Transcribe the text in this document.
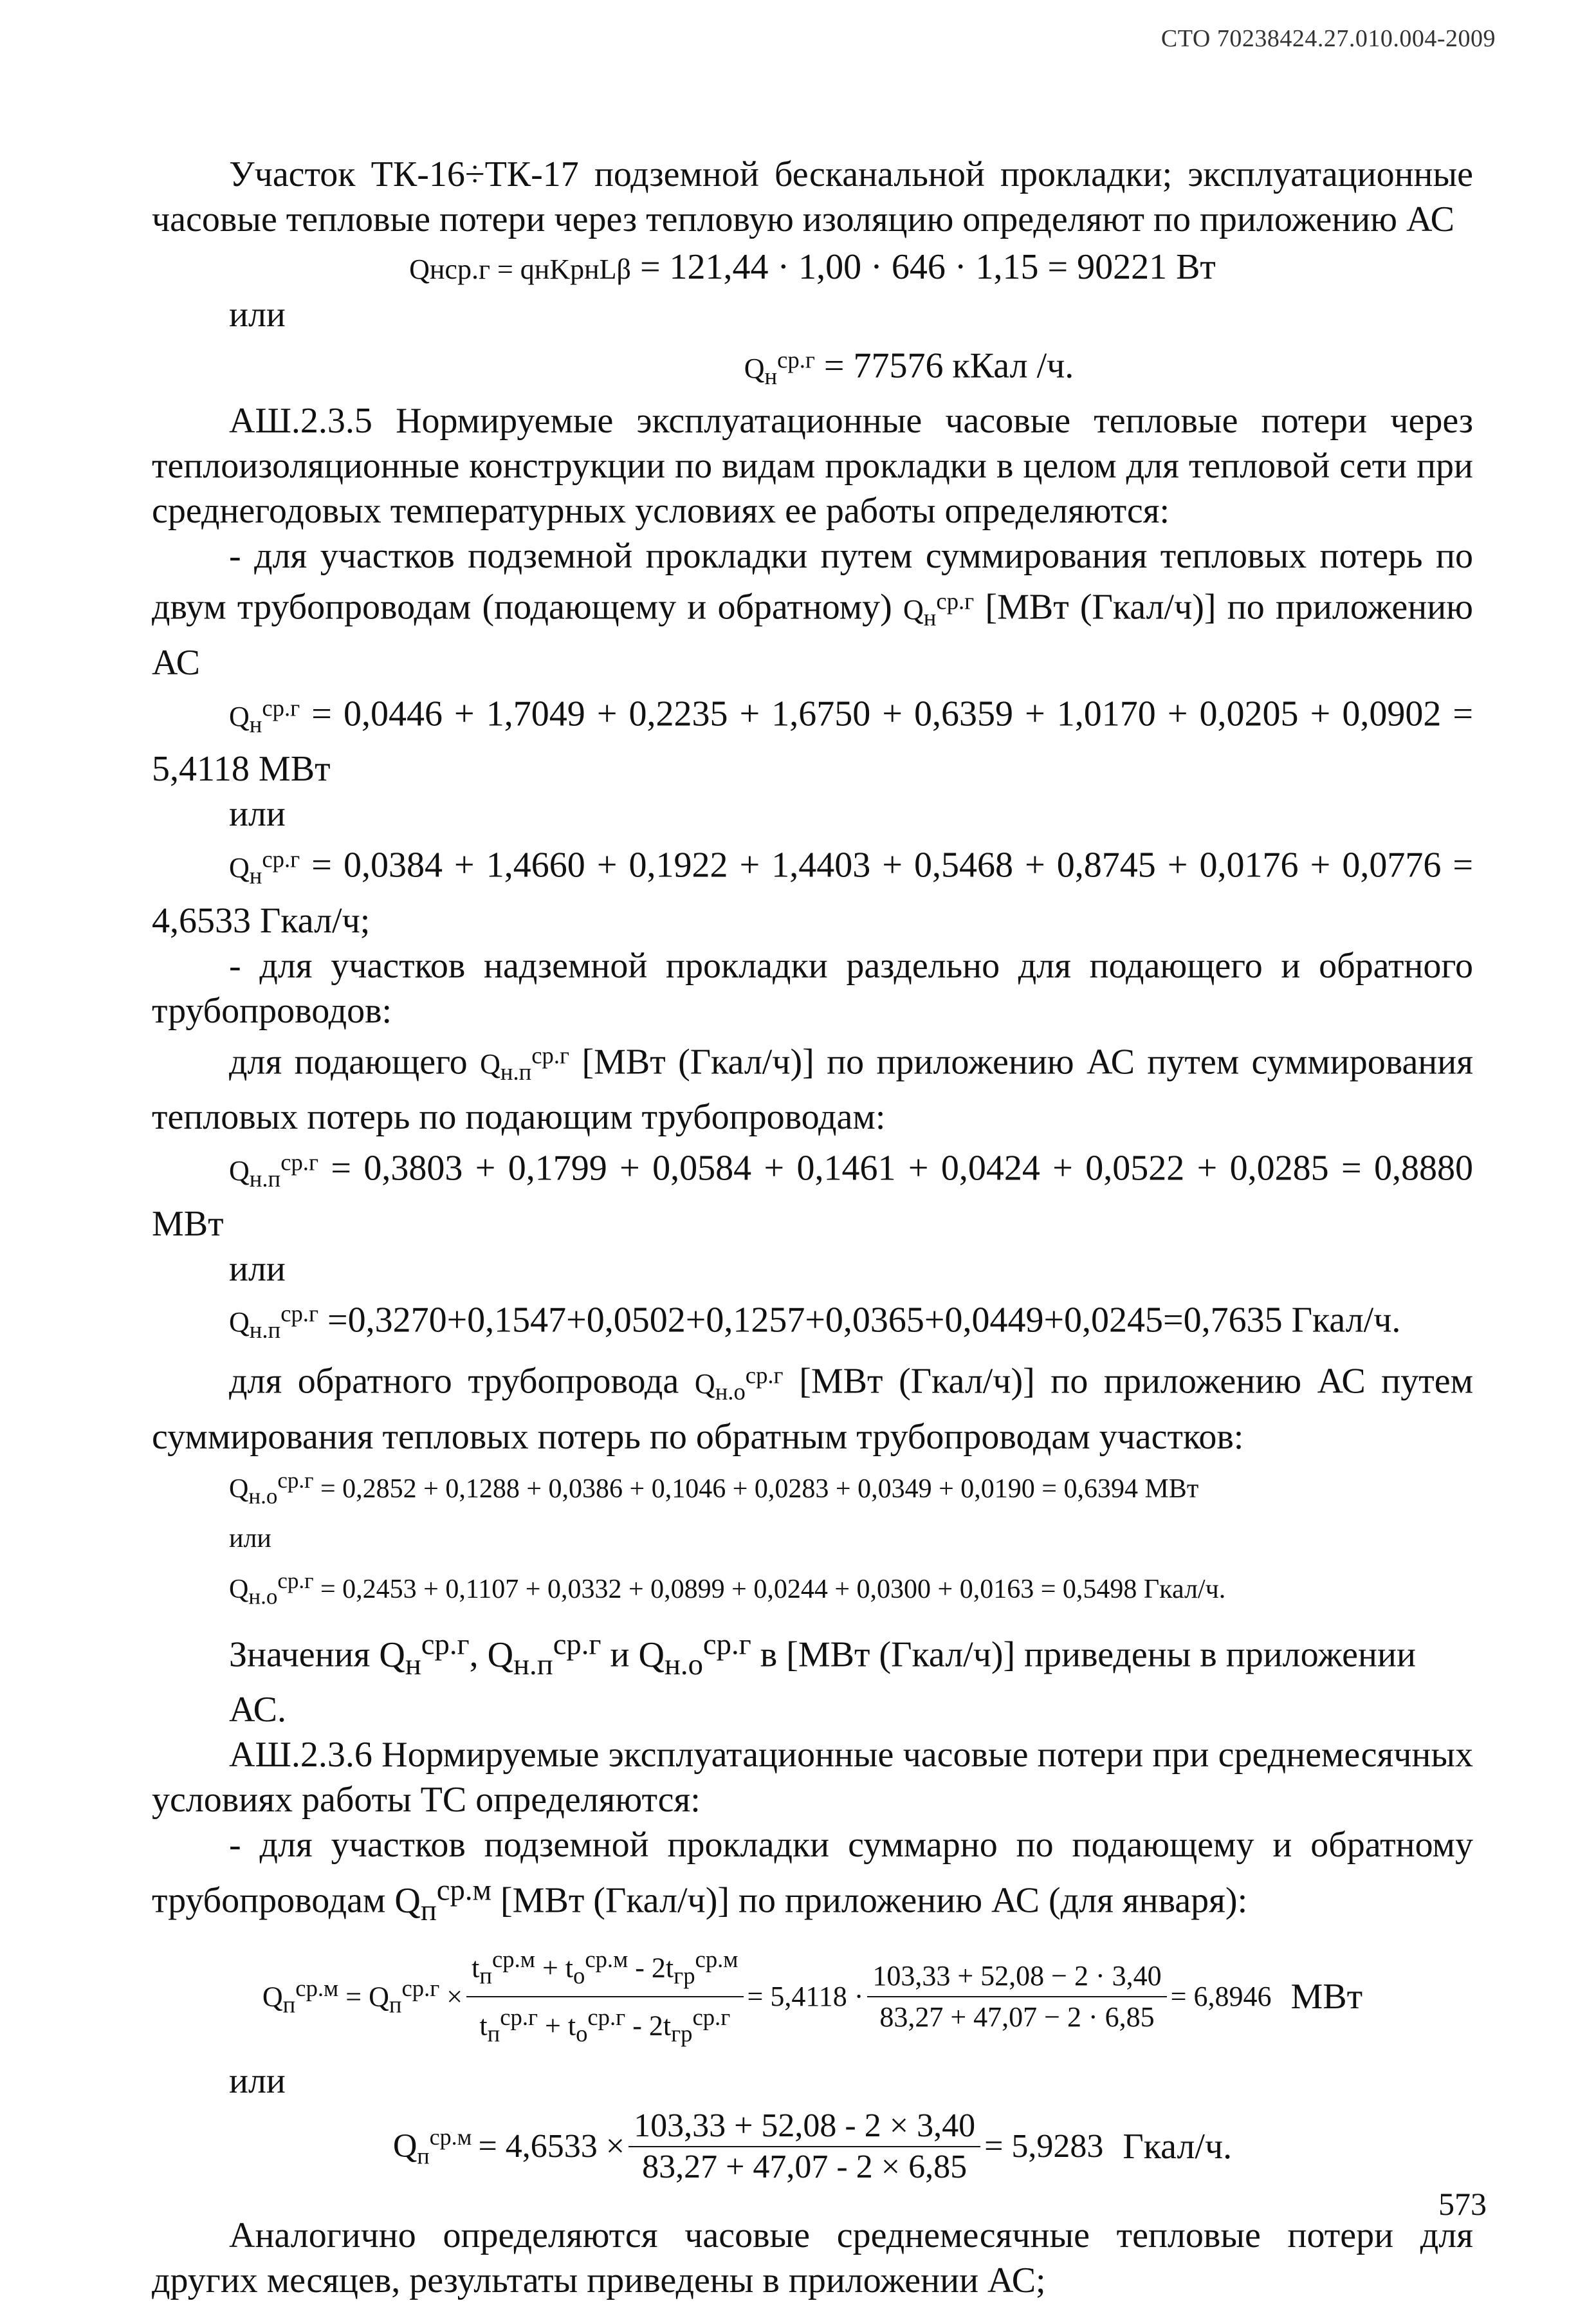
СТО 70238424.27.010.004-2009

Участок ТК-16÷ТК-17 подземной бесканальной прокладки; эксплуатационные часовые тепловые потери через тепловую изоляцию определяют по приложению АС

Qнср.г = qнKрнLβ = 121,44 · 1,00 · 646 · 1,15 = 90221 Вт

или

$Q_н^{ср.г} = 77576$ кКал /ч.

АШ.2.3.5 Нормируемые эксплуатационные часовые тепловые потери через теплоизоляционные конструкции по видам прокладки в целом для тепловой сети при среднегодовых температурных условиях ее работы определяются:

- для участков подземной прокладки путем суммирования тепловых потерь по двум трубопроводам (подающему и обратному) $Q_н^{ср.г}$ [МВт (Гкал/ч)] по приложению АС

$Q_н^{ср.г} = 0,0446 + 1,7049 + 0,2235 + 1,6750 + 0,6359 + 1,0170 + 0,0205 + 0,0902 = 5,4118$ МВт

или

$Q_н^{ср.г} = 0,0384 + 1,4660 + 0,1922 + 1,4403 + 0,5468 + 0,8745 + 0,0176 + 0,0776 = 4,6533$ Гкал/ч;

- для участков надземной прокладки раздельно для подающего и обратного трубопроводов:

для подающего $Q_{н.п}^{ср.г}$ [МВт (Гкал/ч)] по приложению АС путем суммирования тепловых потерь по подающим трубопроводам:

$Q_{н.п}^{ср.г} = 0,3803 + 0,1799 + 0,0584 + 0,1461 + 0,0424 + 0,0522 + 0,0285 = 0,8880$ МВт

или

$Q_{н.п}^{ср.г} =0,3270+0,1547+0,0502+0,1257+0,0365+0,0449+0,0245=0,7635$ Гкал/ч.

для обратного трубопровода $Q_{н.о}^{ср.г}$ [МВт (Гкал/ч)] по приложению АС путем суммирования тепловых потерь по обратным трубопроводам участков:

$Q_{н.о}^{ср.г} = 0,2852 + 0,1288 + 0,0386 + 0,1046 + 0,0283 + 0,0349 + 0,0190 = 0,6394$ МВт

или

$Q_{н.о}^{ср.г} = 0,2453 + 0,1107 + 0,0332 + 0,0899 + 0,0244 + 0,0300 + 0,0163 = 0,5498$ Гкал/ч.

Значения $Q_н^{ср.г}$, $Q_{н.п}^{ср.г}$ и $Q_{н.о}^{ср.г}$ в [МВт (Гкал/ч)] приведены в приложении АС.

АШ.2.3.6 Нормируемые эксплуатационные часовые потери при среднемесячных условиях работы ТС определяются:

- для участков подземной прокладки суммарно по подающему и обратному трубопроводам $Q_п^{ср.м}$ [МВт (Гкал/ч)] по приложению АС (для января):

$Q_п^{ср.м} = Q_п^{ср.г} \times \frac{t_п^{ср.м} + t_о^{ср.м} - 2t_{гр}^{ср.м}}{t_п^{ср.г} + t_о^{ср.г} - 2t_{гр}^{ср.г}} = 5,4118 \cdot \frac{103,33 + 52,08 - 2 \cdot 3,40}{83,27 + 47,07 - 2 \cdot 6,85} = 6,8946$ МВт

или

$Q_п^{ср.м} = 4,6533 \times \frac{103,33 + 52,08 - 2 \times 3,40}{83,27 + 47,07 - 2 \times 6,85} = 5,9283$ Гкал/ч.

Аналогично определяются часовые среднемесячные тепловые потери для других месяцев, результаты приведены в приложении АС;

573
